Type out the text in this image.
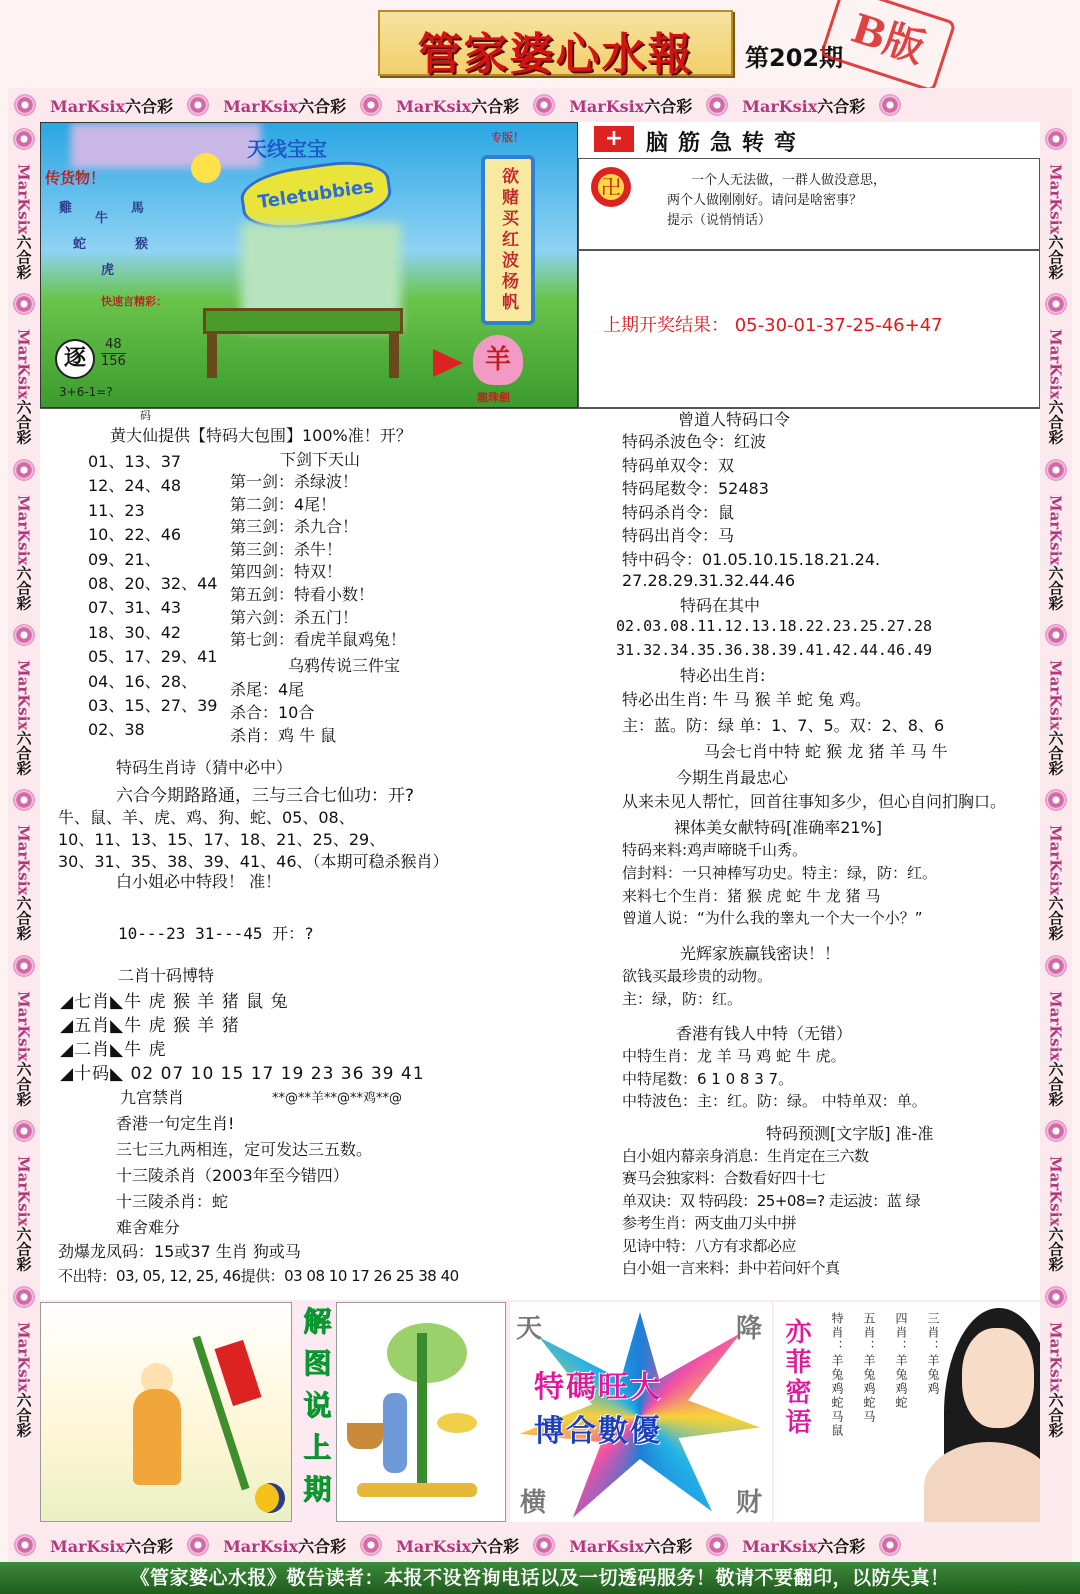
管家婆心水報	第202期 B版
MarKsix六合彩	MarKsix六合彩	MarKsix六合彩	MarKsix六合彩	MarKsix六合彩
MarKsix六合彩	MarKsix六合彩	MarKsix六合彩	MarKsix六合彩	MarKsix六合彩
MarKsix六合彩
MarKsix六合彩
MarKsix六合彩
MarKsix六合彩
MarKsix六合彩
MarKsix六合彩
MarKsix六合彩
MarKsix六合彩
MarKsix六合彩
MarKsix六合彩
MarKsix六合彩
MarKsix六合彩
MarKsix六合彩
MarKsix六合彩
MarKsix六合彩
MarKsix六合彩
天线宝宝
Teletubbies
传货物！
雞
牛
馬
蛇	猴
虎
快速言精彩：
专版！
欲赌买红波杨帆
逐	$\frac{48}{156}$
3+6-1=?
羊
龍珠劍
+	脑筋急转弯
卍	一个人无法做，一群人做没意思，
两个人做刚刚好。请问是啥密事？
提示（说悄悄话）
上期开奖结果： 05-30-01-37-25-46+47
码
黄大仙提供【特码大包围】100%准！开？
01、13、37
12、24、48
11、23
10、22、46
09、21、
08、20、32、44
07、31、43
18、30、42
05、17、29、41
04、16、28、
03、15、27、39
02、38
下剑下天山
第一剑：杀绿波！
第二剑：4尾！
第三剑：杀九合！
第三剑：杀牛！
第四剑：特双！
第五剑：特看小数！
第六剑：杀五门！
第七剑：看虎羊鼠鸡兔！
乌鸦传说三件宝
杀尾：4尾
杀合：10合
杀肖：鸡 牛 鼠
特码生肖诗（猜中必中）
六合今期路路通，三与三合七仙功：开?
牛、鼠、羊、虎、鸡、狗、蛇、05、08、
10、11、13、15、17、18、21、25、29、
30、31、35、38、39、41、46、（本期可稳杀猴肖）
白小姐必中特段！ 准！
10---23 31---45 开：?
二肖十码博特
◢七肖◣牛 虎 猴 羊 猪 鼠 兔
◢五肖◣牛 虎 猴 羊 猪
◢二肖◣牛 虎
◢十码◣ 02 07 10 15 17 19 23 36 39 41
九宫禁肖	**@**羊**@**鸡**@
香港一句定生肖!
三七三九两相连，定可发达三五数。
十三陵杀肖（2003年至今错四）
十三陵杀肖：蛇
难舍难分
劲爆龙凤码：15或37 生肖 狗或马
不出特：03, 05, 12, 25, 46提供：03 08 10 17 26 25 38 40
曾道人特码口令
特码杀波色令：红波
特码单双令：双
特码尾数令：52483
特码杀肖令：鼠
特码出肖令：马
特中码令：01.05.10.15.18.21.24.
27.28.29.31.32.44.46
特码在其中
02.03.08.11.12.13.18.22.23.25.27.28
31.32.34.35.36.38.39.41.42.44.46.49
特必出生肖:
特必出生肖: 牛 马 猴 羊 蛇 兔 鸡。
主：蓝。防：绿 单：1、7、5。双：2、8、6
马会七肖中特 蛇 猴 龙 猪 羊 马 牛
今期生肖最忠心
从来未见人帮忙，回首往事知多少，但心自问扪胸口。
裸体美女献特码[准确率21%]
特码来料:鸡声啼晓千山秀。
信封料：一只神棒写功史。特主：绿，防：红。
来料七个生肖：猪 猴 虎 蛇 牛 龙 猪 马
曾道人说：“为什么我的睾丸一个大一个小？”
光辉家族赢钱密诀！！
欲钱买最珍贵的动物。
主：绿，防：红。
香港有钱人中特（无错）
中特生肖：龙 羊 马 鸡 蛇 牛 虎。
中特尾数：6 1 0 8 3 7。
中特波色：主：红。防：绿。 中特单双：单。
特码预测[文字版] 准-准
白小姐内幕亲身消息：生肖定在三六数
赛马会独家料：合数看好四十七
单双诀：双 特码段：25+08=? 走运波：蓝 绿
参考生肖：两支曲刀头中拼
见诗中特：八方有求都必应
白小姐一言来料：卦中若问奸个真
解图说上期	天	降
横	财
特碼旺大
博合數優	亦菲密语	三肖：羊兔鸡
四肖：羊兔鸡蛇
五肖：羊兔鸡蛇马
特肖：羊兔鸡蛇马鼠
《管家婆心水报》敬告读者：本报不设咨询电话以及一切透码服务！敬请不要翻印，以防失真！
